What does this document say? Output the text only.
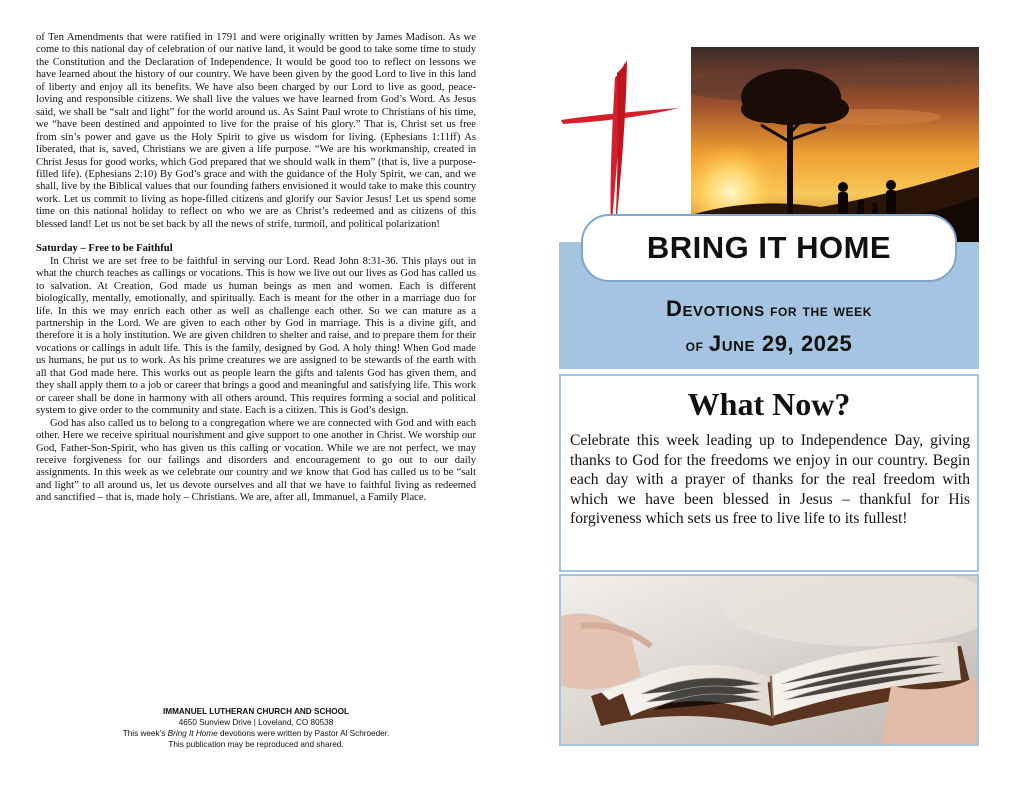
of Ten Amendments that were ratified in 1791 and were originally written by James Madison. As we come to this national day of celebration of our native land, it would be good to take some time to study the Constitution and the Declaration of Independence. It would be good too to reflect on lessons we have learned about the history of our country. We have been given by the good Lord to live in this land of liberty and enjoy all its benefits. We have also been charged by our Lord to live as good, peace-loving and responsible citizens. We shall live the values we have learned from God’s Word. As Jesus said, we shall be “salt and light” for the world around us. As Saint Paul wrote to Christians of his time, we “have been destined and appointed to live for the praise of his glory.” That is, Christ set us free from sin’s power and gave us the Holy Spirit to give us wisdom for living. (Ephesians 1:11ff) As liberated, that is, saved, Christians we are given a life purpose. “We are his workmanship, created in Christ Jesus for good works, which God prepared that we should walk in them” (that is, live a purpose-filled life). (Ephesians 2:10) By God’s grace and with the guidance of the Holy Spirit, we can, and we shall, live by the Biblical values that our founding fathers envisioned it would take to make this country work. Let us commit to living as hope-filled citizens and glorify our Savior Jesus! Let us spend some time on this national holiday to reflect on who we are as Christ’s redeemed and as citizens of this blessed land! Let us not be set back by all the news of strife, turmoil, and political polarization!

Saturday – Free to be Faithful

In Christ we are set free to be faithful in serving our Lord. Read John 8:31-36. This plays out in what the church teaches as callings or vocations. This is how we live out our lives as God has called us to salvation. At Creation, God made us human beings as men and women. Each is different biologically, mentally, emotionally, and spiritually. Each is meant for the other in a marriage duo for life. In this we may enrich each other as well as challenge each other. So we can mature as a partnership in the Lord. We are given to each other by God in marriage. This is a divine gift, and therefore it is a holy institution. We are given children to shelter and raise, and to prepare them for their vocations or callings in adult life. This is the family, designed by God. A holy thing! When God made us humans, he put us to work. As his prime creatures we are assigned to be stewards of the earth with all that God made here. This works out as people learn the gifts and talents God has given them, and they shall apply them to a job or career that brings a good and meaningful and satisfying life. This work or career shall be done in harmony with all others around. This requires forming a social and political system to give order to the community and state. Each is a citizen. This is God’s design.

God has also called us to belong to a congregation where we are connected with God and with each other. Here we receive spiritual nourishment and give support to one another in Christ. We worship our God, Father-Son-Spirit, who has given us this calling or vocation. While we are not perfect, we may receive forgiveness for our failings and disorders and encouragement to go out to our daily assignments. In this week as we celebrate our country and we know that God has called us to be “salt and light” to all around us, let us devote ourselves and all that we have to faithful living as redeemed and sanctified – that is, made holy – Christians. We are, after all, Immanuel, a Family Place.

IMMANUEL LUTHERAN CHURCH AND SCHOOL
4650 Sunview Drive | Loveland, CO 80538
This week’s Bring It Home devotions were written by Pastor Al Schroeder.
This publication may be reproduced and shared.
BRING IT HOME
Devotions for the week
of June 29, 2025
What Now?
Celebrate this week leading up to Independence Day, giving thanks to God for the freedoms we enjoy in our country. Begin each day with a prayer of thanks for the real freedom with which we have been blessed in Jesus – thankful for His forgiveness which sets us free to live life to its fullest!
